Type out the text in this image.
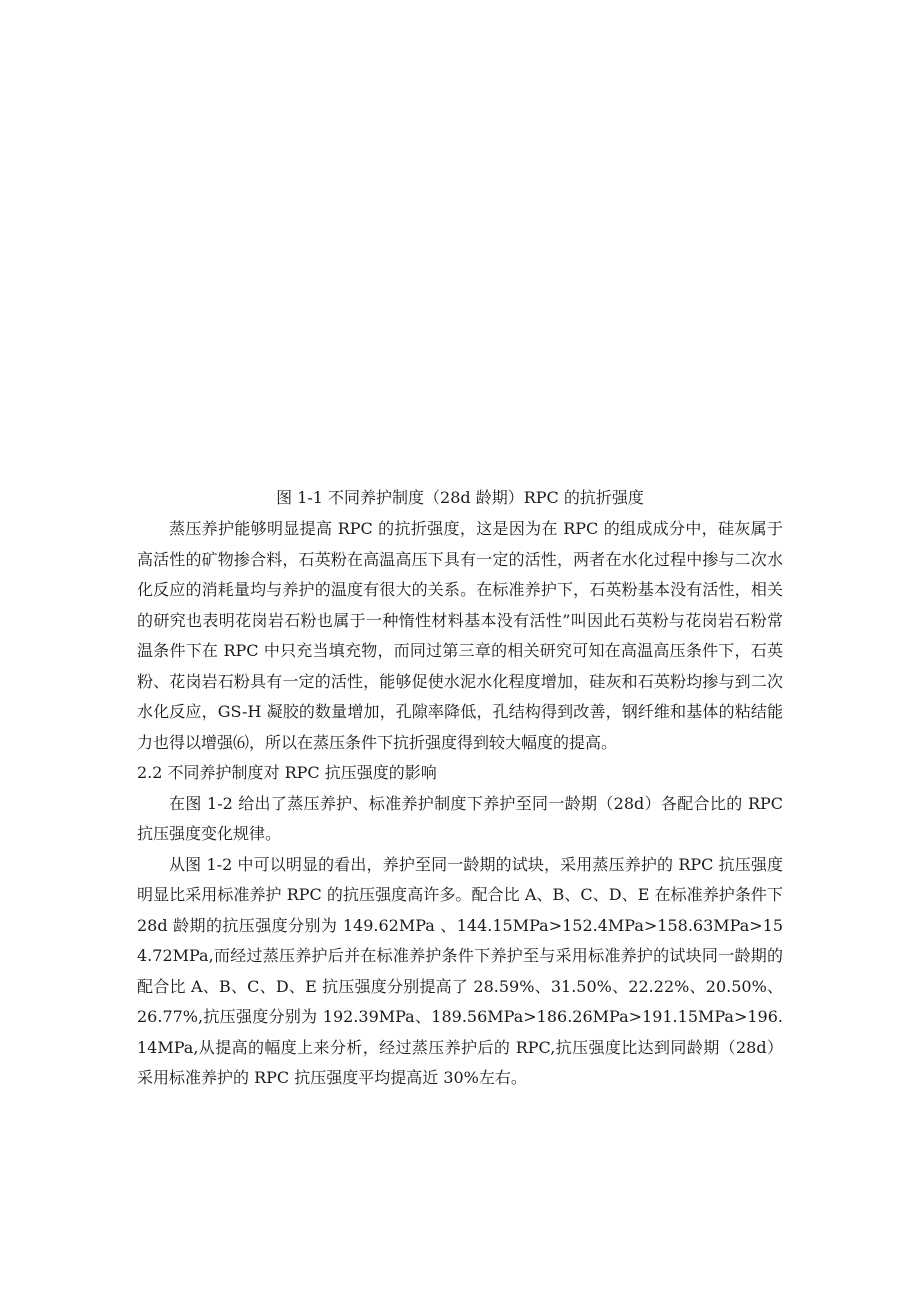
图 1-1 不同养护制度（28d 龄期）RPC 的抗折强度

蒸压养护能够明显提高 RPC 的抗折强度，这是因为在 RPC 的组成成分中，硅灰属于高活性的矿物掺合料，石英粉在高温高压下具有一定的活性，两者在水化过程中掺与二次水化反应的消耗量均与养护的温度有很大的关系。在标准养护下，石英粉基本没有活性，相关的研究也表明花岗岩石粉也属于一种惰性材料基本没有活性”叫因此石英粉与花岗岩石粉常温条件下在 RPC 中只充当填充物，而同过第三章的相关研究可知在高温高压条件下，石英粉、花岗岩石粉具有一定的活性，能够促使水泥水化程度增加，硅灰和石英粉均掺与到二次水化反应，GS-H 凝胶的数量增加，孔隙率降低，孔结构得到改善，钢纤维和基体的粘结能力也得以增强⑹，所以在蒸压条件下抗折强度得到较大幅度的提高。

2.2 不同养护制度对 RPC 抗压强度的影响

在图 1-2 给出了蒸压养护、标准养护制度下养护至同一龄期（28d）各配合比的 RPC 抗压强度变化规律。

从图 1-2 中可以明显的看出，养护至同一龄期的试块，采用蒸压养护的 RPC 抗压强度明显比采用标准养护 RPC 的抗压强度高许多。配合比 A、B、C、D、E 在标准养护条件下 28d 龄期的抗压强度分别为 149.62MPa 、144.15MPa>152.4MPa>158.63MPa>154.72MPa,而经过蒸压养护后并在标准养护条件下养护至与采用标准养护的试块同一龄期的配合比 A、B、C、D、E 抗压强度分别提高了 28.59%、31.50%、22.22%、20.50%、26.77%,抗压强度分别为 192.39MPa、189.56MPa>186.26MPa>191.15MPa>196.14MPa,从提高的幅度上来分析，经过蒸压养护后的 RPC,抗压强度比达到同龄期（28d）采用标准养护的 RPC 抗压强度平均提高近 30%左右。
